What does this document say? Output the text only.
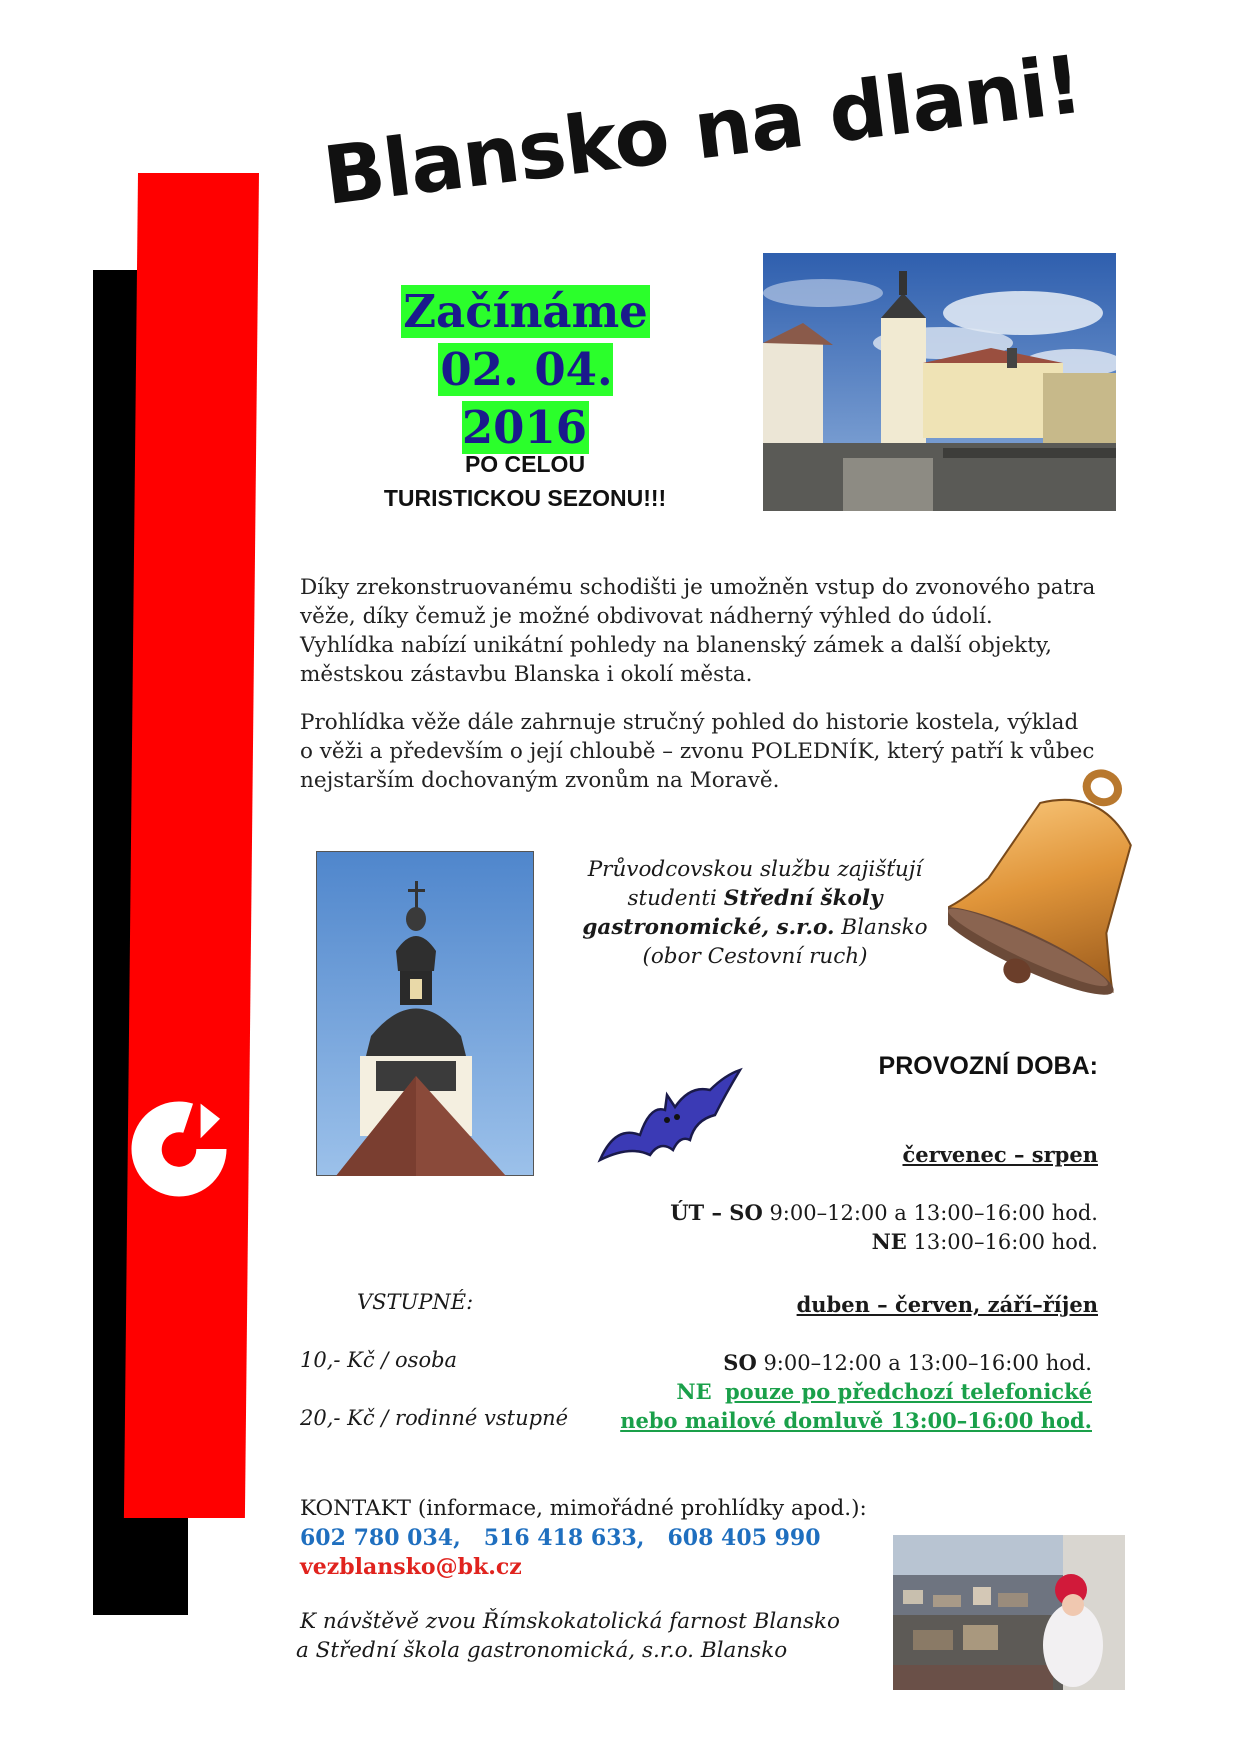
Blansko na dlani!
Začínáme
02. 04. 2016
PO CELOU
TURISTICKOU SEZONU!!!
Díky zrekonstruovanému schodišti je umožněn vstup do zvonového patra
věže, díky čemuž je možné obdivovat nádherný výhled do údolí.
Vyhlídka nabízí unikátní pohledy na blanenský zámek a další objekty,
městskou zástavbu Blanska i okolí města.
Prohlídka věže dále zahrnuje stručný pohled do historie kostela, výklad
o věži a především o její chloubě – zvonu POLEDNÍK, který patří k vůbec
nejstarším dochovaným zvonům na Moravě.
Průvodcovskou službu zajišťují
studenti Střední školy
gastronomické, s.r.o. Blansko
(obor Cestovní ruch)
PROVOZNÍ DOBA:
červenec – srpen
ÚT – SO 9:00–12:00 a 13:00–16:00 hod.
NE 13:00–16:00 hod.
duben – červen, září–říjen
SO 9:00–12:00 a 13:00–16:00 hod.
NE pouze po předchozí telefonické
nebo mailové domluvě 13:00–16:00 hod.
VSTUPNÉ:
10,- Kč / osoba
20,- Kč / rodinné vstupné
KONTAKT (informace, mimořádné prohlídky apod.):
602 780 034,   516 418 633,   608 405 990
vezblansko@bk.cz
K návštěvě zvou Římskokatolická farnost Blansko
a Střední škola gastronomická, s.r.o. Blansko
